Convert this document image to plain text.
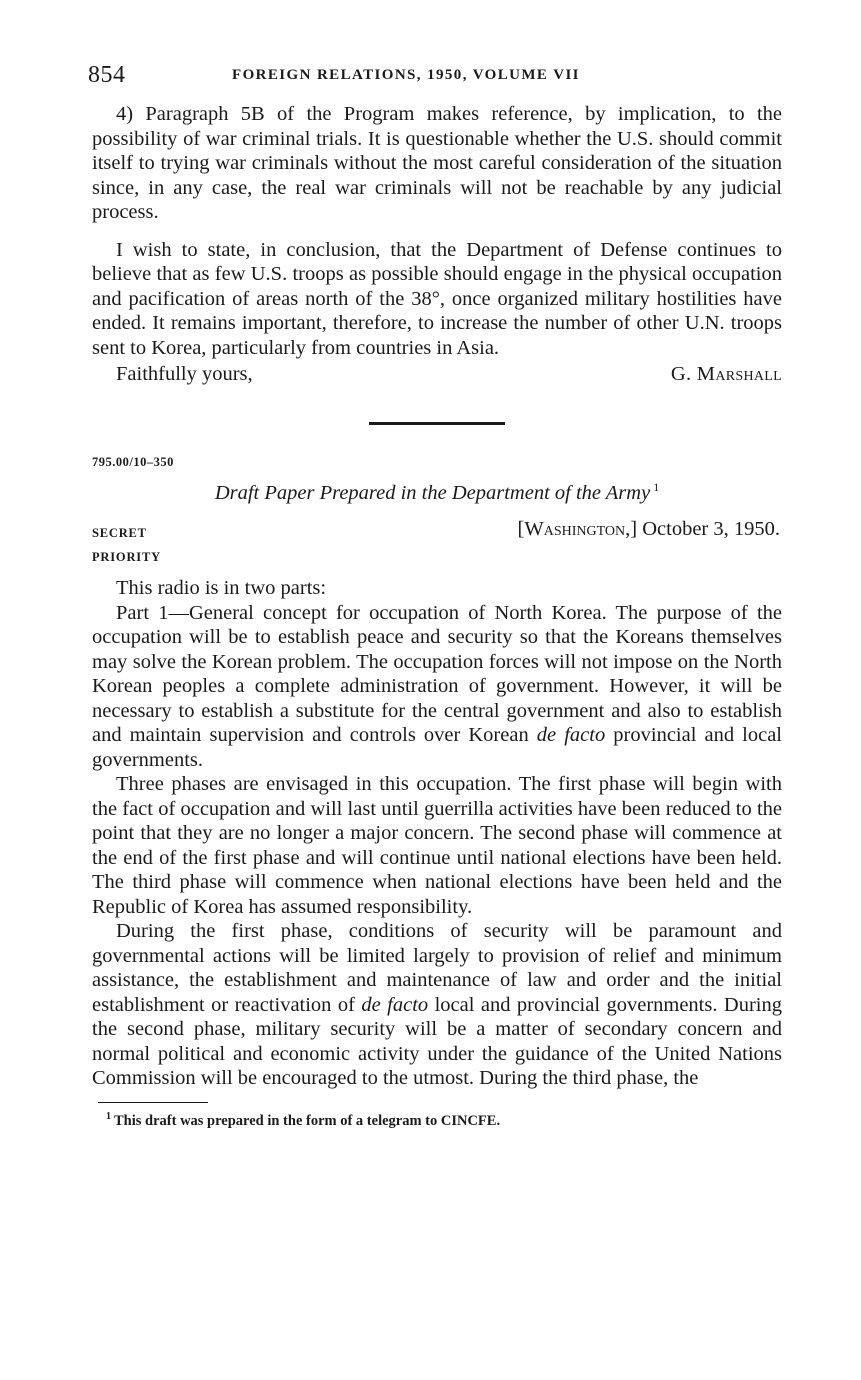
854	FOREIGN RELATIONS, 1950, VOLUME VII

4) Paragraph 5B of the Program makes reference, by implication, to the possibility of war criminal trials. It is questionable whether the U.S. should commit itself to trying war criminals without the most careful consideration of the situation since, in any case, the real war criminals will not be reachable by any judicial process.

I wish to state, in conclusion, that the Department of Defense continues to believe that as few U.S. troops as possible should engage in the physical occupation and pacification of areas north of the 38°, once organized military hostilities have ended. It remains important, therefore, to increase the number of other U.N. troops sent to Korea, particularly from countries in Asia.

Faithfully yours,	G. Marshall
795.00/10–350
Draft Paper Prepared in the Department of the Army $^1$
SECRET	[Washington,] October 3, 1950.
PRIORITY

This radio is in two parts:

Part 1—General concept for occupation of North Korea. The purpose of the occupation will be to establish peace and security so that the Koreans themselves may solve the Korean problem. The occupation forces will not impose on the North Korean peoples a complete administration of government. However, it will be necessary to establish a substitute for the central government and also to establish and maintain supervision and controls over Korean de facto provincial and local governments.

Three phases are envisaged in this occupation. The first phase will begin with the fact of occupation and will last until guerrilla activities have been reduced to the point that they are no longer a major concern. The second phase will commence at the end of the first phase and will continue until national elections have been held. The third phase will commence when national elections have been held and the Republic of Korea has assumed responsibility.

During the first phase, conditions of security will be paramount and governmental actions will be limited largely to provision of relief and minimum assistance, the establishment and maintenance of law and order and the initial establishment or reactivation of de facto local and provincial governments. During the second phase, military security will be a matter of secondary concern and normal political and economic activity under the guidance of the United Nations Commission will be encouraged to the utmost. During the third phase, the

$^1$ This draft was prepared in the form of a telegram to CINCFE.
